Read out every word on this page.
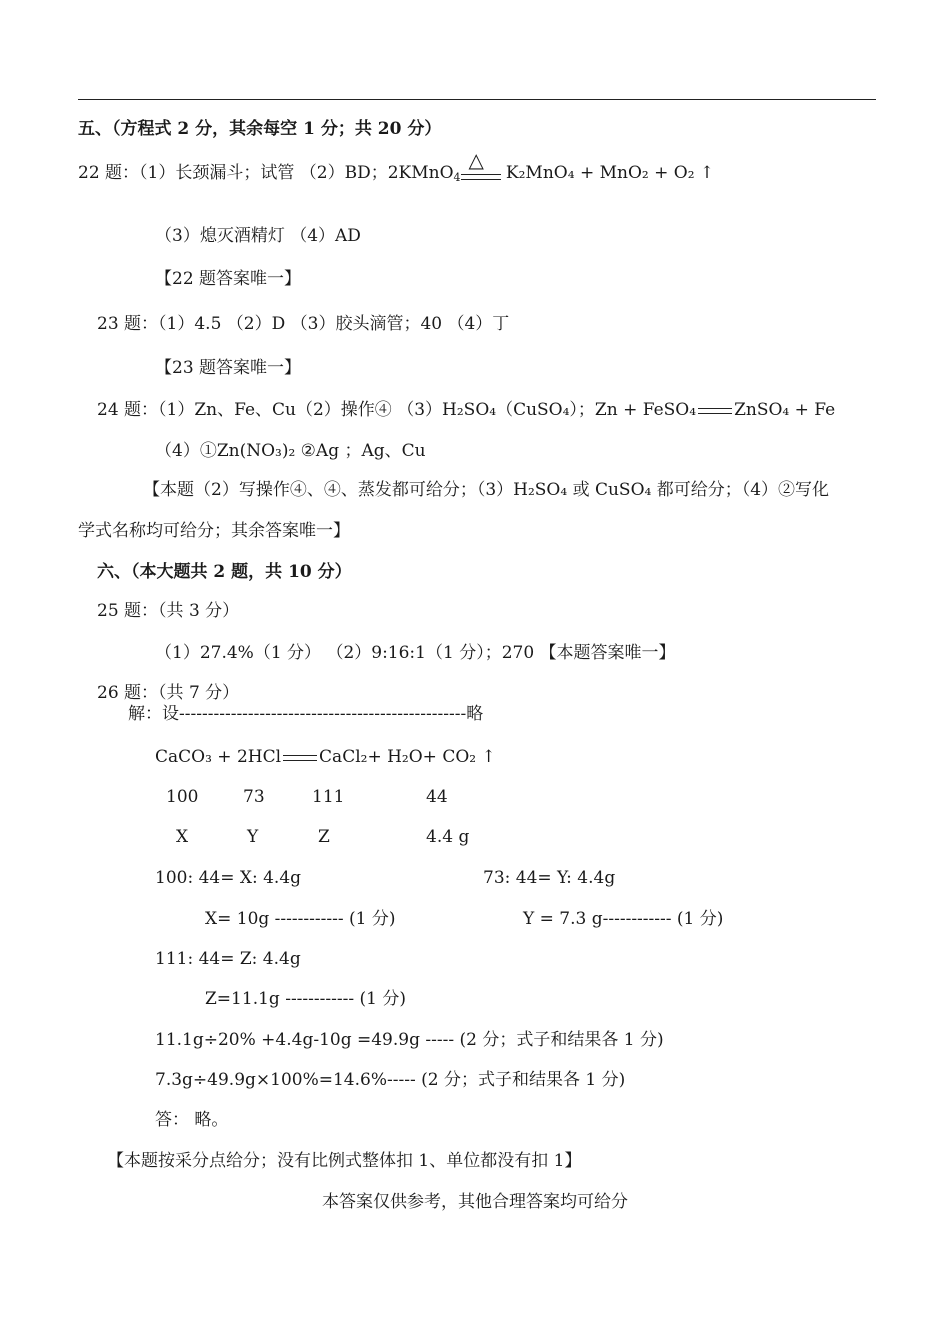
五、（方程式 2 分，其余每空 1 分；共 20 分）
22 题：（1）长颈漏斗；试管 （2）BD；2KMnO$_4$
△
K₂MnO₄ + MnO₂ + O₂ ↑
（3）熄灭酒精灯 （4）AD
【22 题答案唯一】
23 题：（1）4.5 （2）D （3）胶头滴管；40 （4）丁
【23 题答案唯一】
24 题：（1）Zn、Fe、Cu（2）操作④ （3）H₂SO₄（CuSO₄）；Zn + FeSO₄ ZnSO₄ + Fe
（4）①Zn(NO₃)₂ ②Ag ；Ag、Cu
【本题（2）写操作④、④、蒸发都可给分；（3）H₂SO₄ 或 CuSO₄ 都可给分；（4）②写化
学式名称均可给分；其余答案唯一】
六、（本大题共 2 题，共 10 分）
25 题：（共 3 分）
（1）27.4%（1 分） （2）9:16:1（1 分）；270 【本题答案唯一】
26 题：（共 7 分）
解：设--------------------------------------------------略
CaCO₃ + 2HCl CaCl₂+ H₂O+ CO₂ ↑
100	73	111	44
X	Y	Z	4.4 g
100: 44= X: 4.4g	73: 44= Y: 4.4g
X= 10g ------------ (1 分)	Y = 7.3 g------------ (1 分)
111: 44= Z: 4.4g
Z=11.1g ------------ (1 分)
11.1g÷20% +4.4g-10g =49.9g ----- (2 分；式子和结果各 1 分)
7.3g÷49.9g×100%=14.6%----- (2 分；式子和结果各 1 分)
答： 略。
【本题按采分点给分；没有比例式整体扣 1、单位都没有扣 1】
本答案仅供参考，其他合理答案均可给分
